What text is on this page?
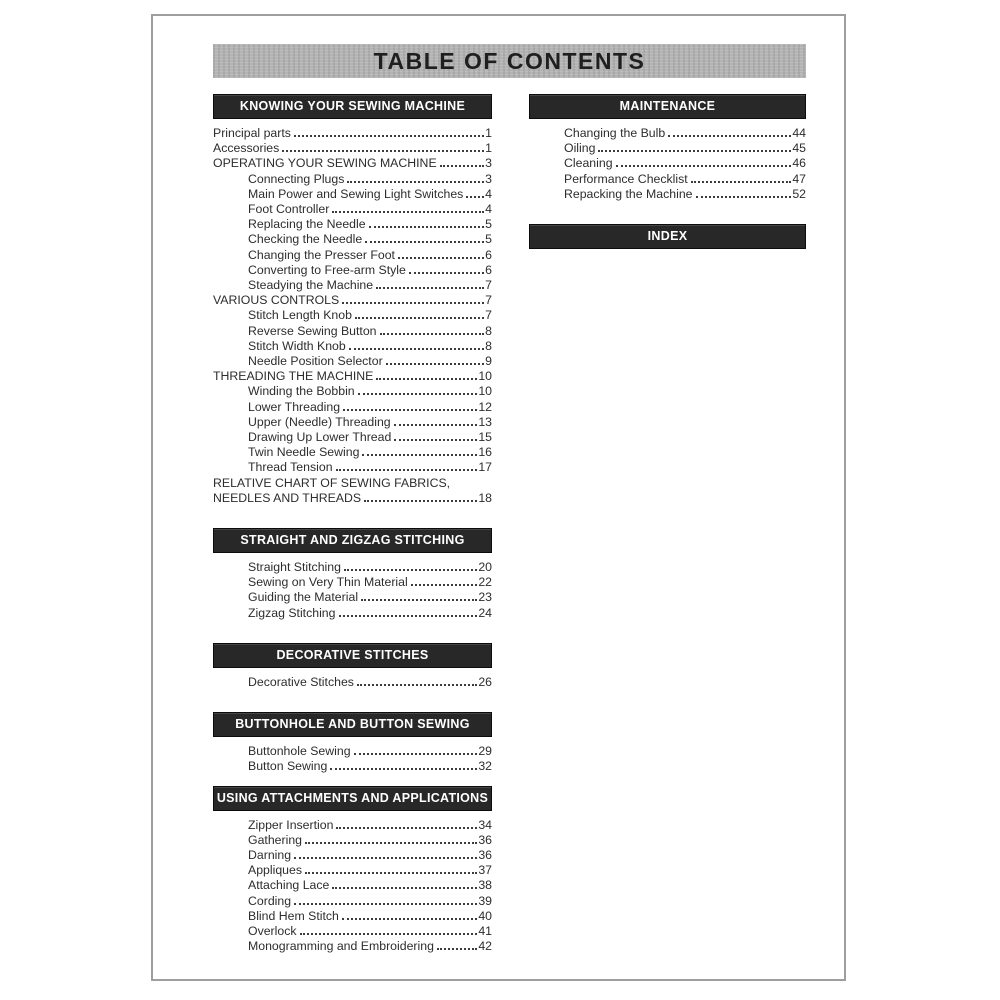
TABLE OF CONTENTS
KNOWING YOUR SEWING MACHINE
Principal parts	1
Accessories	1
OPERATING YOUR SEWING MACHINE	3
Connecting Plugs	3
Main Power and Sewing Light Switches 4
Foot Controller	4
Replacing the Needle	5
Checking the Needle	5
Changing the Presser Foot	6
Converting to Free-arm Style	6
Steadying the Machine	7
VARIOUS CONTROLS	7
Stitch Length Knob	7
Reverse Sewing Button	8
Stitch Width Knob	8
Needle Position Selector	9
THREADING THE MACHINE	10
Winding the Bobbin	10
Lower Threading	12
Upper (Needle) Threading	13
Drawing Up Lower Thread	15
Twin Needle Sewing	16
Thread Tension	17
RELATIVE CHART OF SEWING FABRICS,
NEEDLES AND THREADS	18
STRAIGHT AND ZIGZAG STITCHING
Straight Stitching	20
Sewing on Very Thin Material	22
Guiding the Material	23
Zigzag Stitching	24
DECORATIVE STITCHES
Decorative Stitches	26
BUTTONHOLE AND BUTTON SEWING
Buttonhole Sewing	29
Button Sewing	32
USING ATTACHMENTS AND APPLICATIONS
Zipper Insertion	34
Gathering	36
Darning	36
Appliques	37
Attaching Lace	38
Cording	39
Blind Hem Stitch	40
Overlock	41
Monogramming and Embroidering	42
MAINTENANCE
Changing the Bulb	44
Oiling	45
Cleaning	46
Performance Checklist	47
Repacking the Machine	52
INDEX
